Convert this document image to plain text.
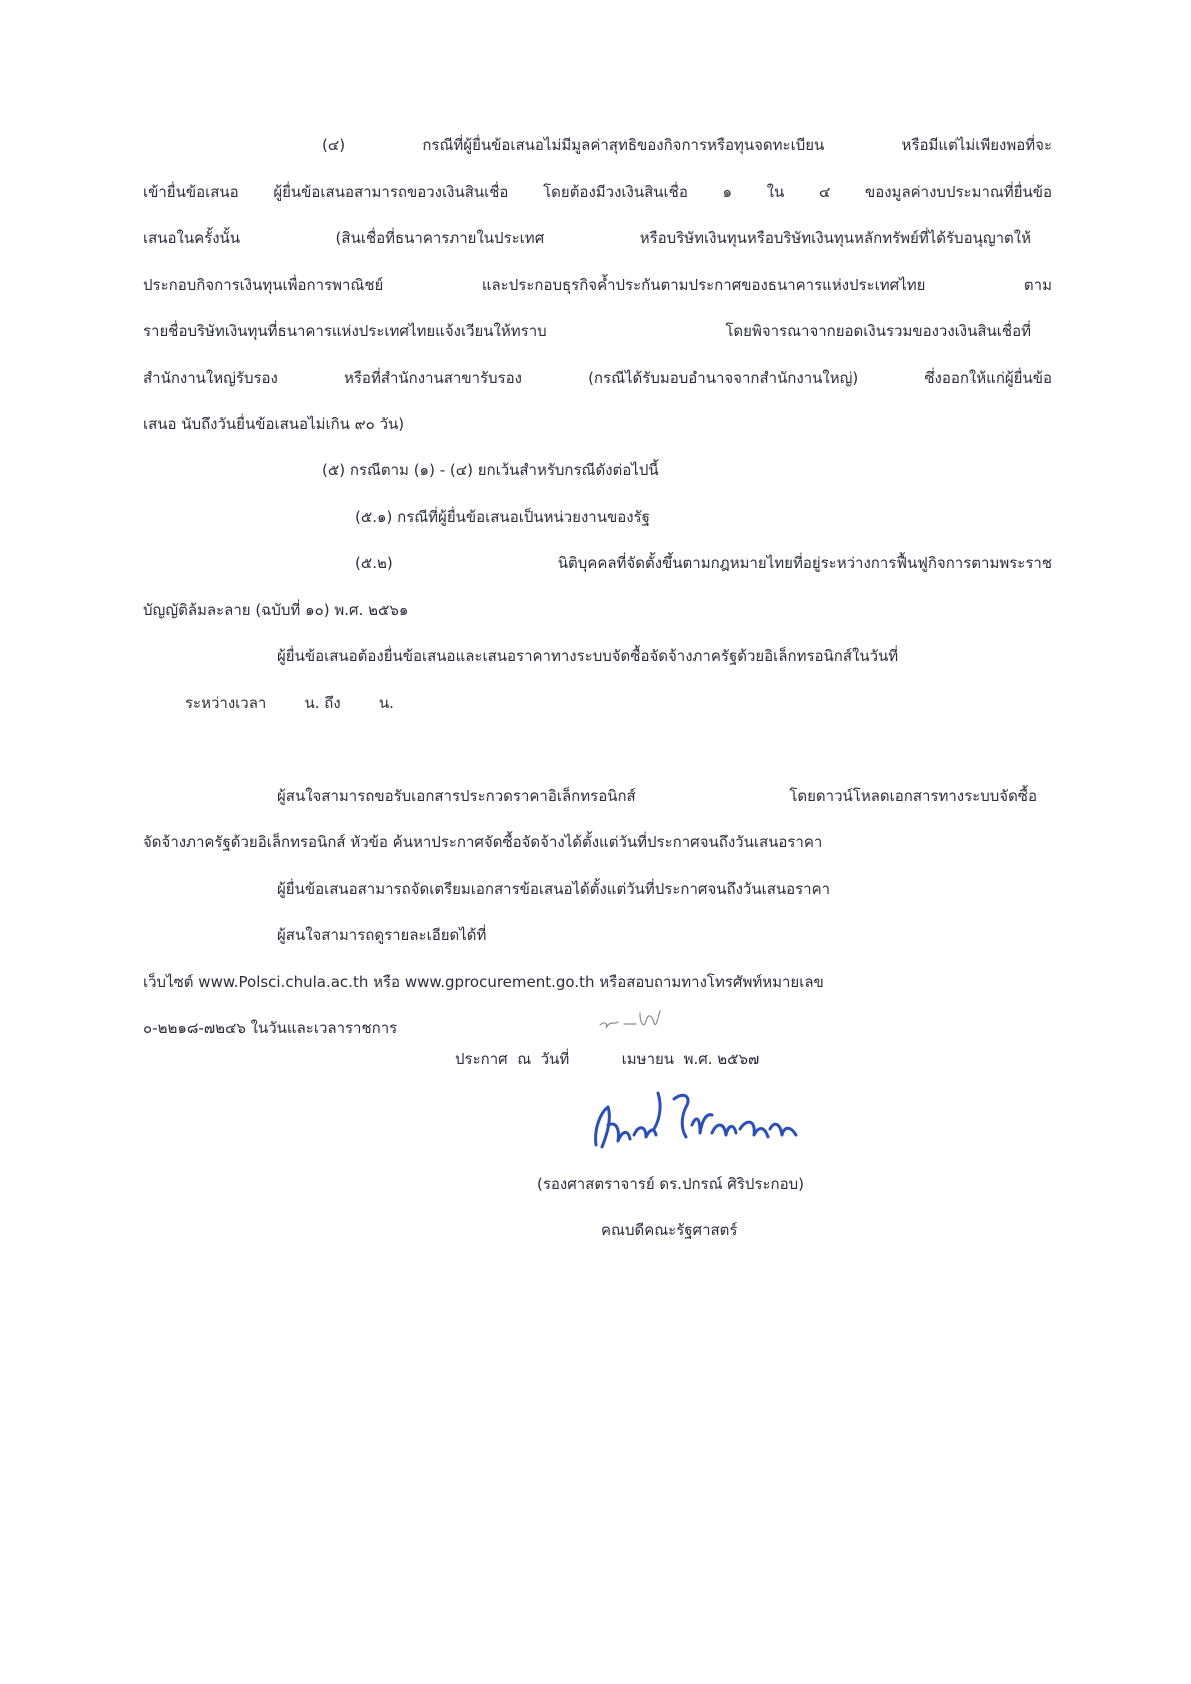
(๔) กรณีที่ผู้ยื่นข้อเสนอไม่มีมูลค่าสุทธิของกิจการหรือทุนจดทะเบียน หรือมีแต่ไม่เพียงพอที่จะ
เข้ายื่นข้อเสนอ ผู้ยื่นข้อเสนอสามารถขอวงเงินสินเชื่อ โดยต้องมีวงเงินสินเชื่อ ๑ ใน ๔ ของมูลค่างบประมาณที่ยื่นข้อ
เสนอในครั้งนั้น (สินเชื่อที่ธนาคารภายในประเทศ หรือบริษัทเงินทุนหรือบริษัทเงินทุนหลักทรัพย์ที่ได้รับอนุญาตให้
ประกอบกิจการเงินทุนเพื่อการพาณิชย์ และประกอบธุรกิจค้ำประกันตามประกาศของธนาคารแห่งประเทศไทย ตาม
รายชื่อบริษัทเงินทุนที่ธนาคารแห่งประเทศไทยแจ้งเวียนให้ทราบ โดยพิจารณาจากยอดเงินรวมของวงเงินสินเชื่อที่
สำนักงานใหญ่รับรอง หรือที่สำนักงานสาขารับรอง (กรณีได้รับมอบอำนาจจากสำนักงานใหญ่) ซึ่งออกให้แก่ผู้ยื่นข้อ
เสนอ นับถึงวันยื่นข้อเสนอไม่เกิน ๙๐ วัน)
(๕) กรณีตาม (๑) - (๔) ยกเว้นสำหรับกรณีดังต่อไปนี้
(๕.๑) กรณีที่ผู้ยื่นข้อเสนอเป็นหน่วยงานของรัฐ
(๕.๒) นิติบุคคลที่จัดตั้งขึ้นตามกฎหมายไทยที่อยู่ระหว่างการฟื้นฟูกิจการตามพระราช
บัญญัติล้มละลาย (ฉบับที่ ๑๐) พ.ศ. ๒๕๖๑
ผู้ยื่นข้อเสนอต้องยื่นข้อเสนอและเสนอราคาทางระบบจัดซื้อจัดจ้างภาครัฐด้วยอิเล็กทรอนิกส์ในวันที่
ระหว่างเวลา        น. ถึง        น.
ผู้สนใจสามารถขอรับเอกสารประกวดราคาอิเล็กทรอนิกส์ โดยดาวน์โหลดเอกสารทางระบบจัดซื้อ
จัดจ้างภาครัฐด้วยอิเล็กทรอนิกส์ หัวข้อ ค้นหาประกาศจัดซื้อจัดจ้างได้ตั้งแต่วันที่ประกาศจนถึงวันเสนอราคา
ผู้ยื่นข้อเสนอสามารถจัดเตรียมเอกสารข้อเสนอได้ตั้งแต่วันที่ประกาศจนถึงวันเสนอราคา
ผู้สนใจสามารถดูรายละเอียดได้ที่
เว็บไซต์ www.Polsci.chula.ac.th หรือ www.gprocurement.go.th หรือสอบถามทางโทรศัพท์หมายเลข
๐-๒๒๑๘-๗๒๔๖ ในวันและเวลาราชการ
ประกาศ  ณ  วันที่           เมษายน  พ.ศ. ๒๕๖๗
(รองศาสตราจารย์ ดร.ปกรณ์ ศิริประกอบ)
คณบดีคณะรัฐศาสตร์
